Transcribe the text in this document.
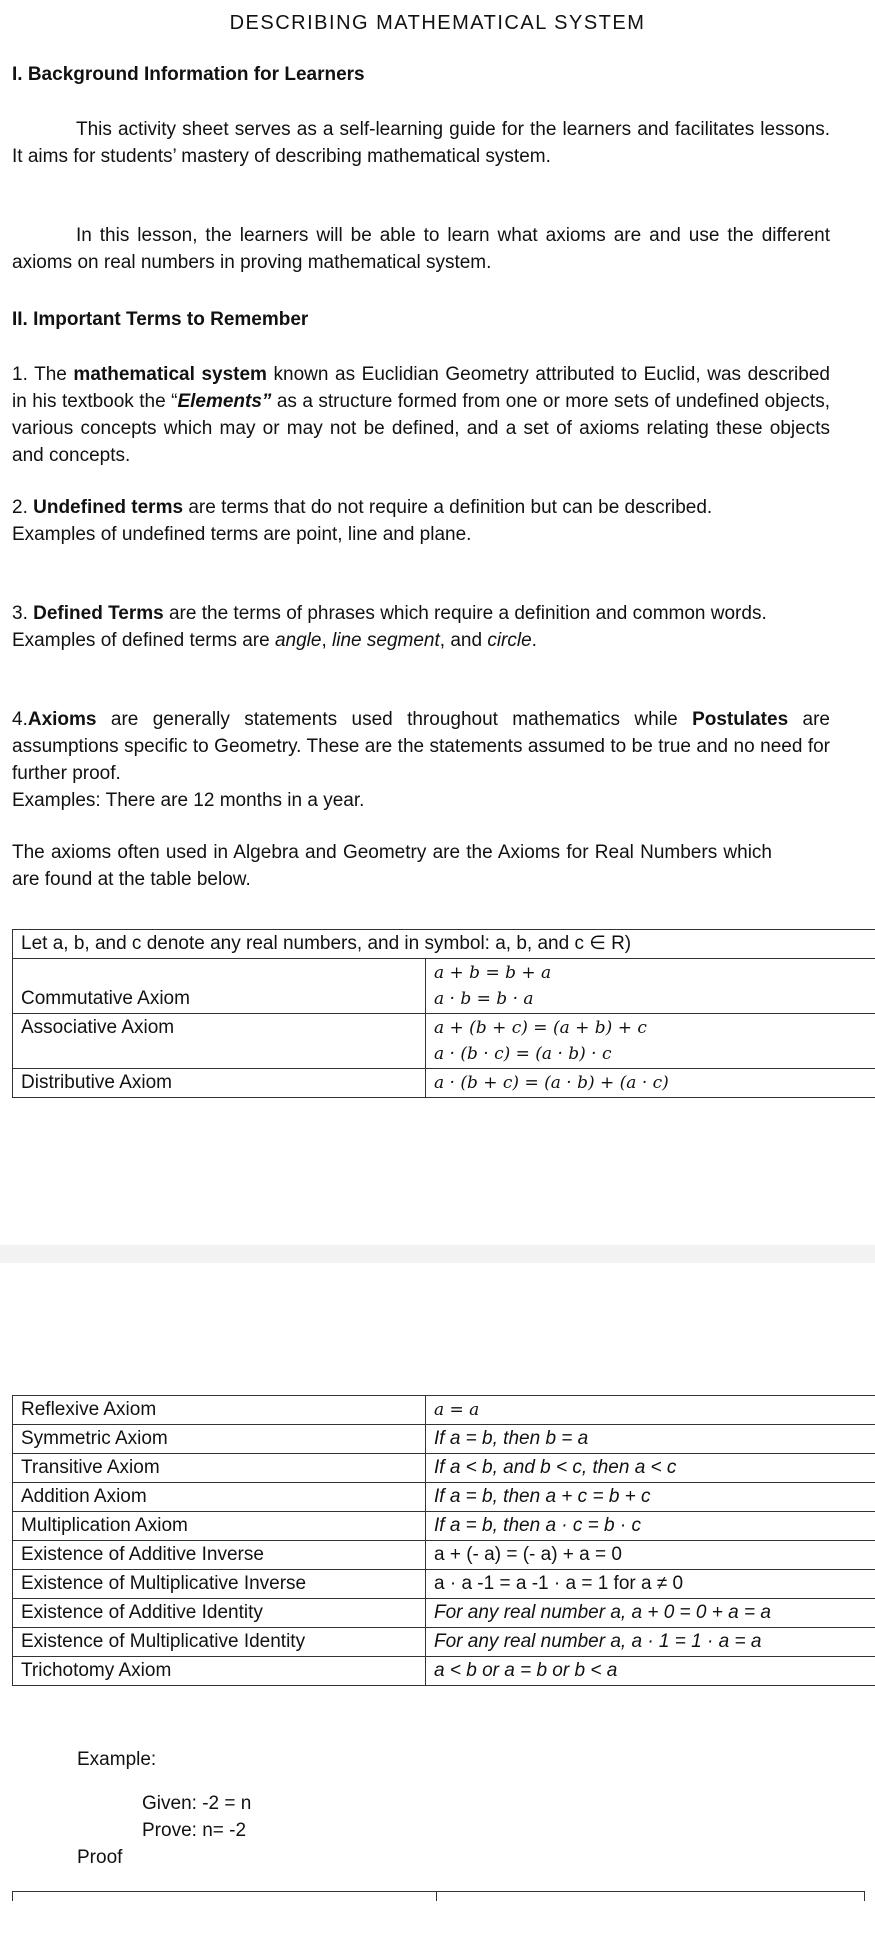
DESCRIBING MATHEMATICAL SYSTEM
I. Background Information for Learners
This activity sheet serves as a self-learning guide for the learners and facilitates lessons. It aims for students’ mastery of describing mathematical system.
In this lesson, the learners will be able to learn what axioms are and use the different axioms on real numbers in proving mathematical system.
II. Important Terms to Remember
1. The mathematical system known as Euclidian Geometry attributed to Euclid, was described in his textbook the “Elements” as a structure formed from one or more sets of undefined objects, various concepts which may or may not be defined, and a set of axioms relating these objects and concepts.
2. Undefined terms are terms that do not require a definition but can be described.
Examples of undefined terms are point, line and plane.
3. Defined Terms are the terms of phrases which require a definition and common words.
Examples of defined terms are angle, line segment, and circle.
4.Axioms are generally statements used throughout mathematics while Postulates are assumptions specific to Geometry. These are the statements assumed to be true and no need for further proof.
Examples: There are 12 months in a year.
The axioms often used in Algebra and Geometry are the Axioms for Real Numbers which are found at the table below.
Let a, b, and c denote any real numbers, and in symbol: a, b, and c ∈ R)	
Commutative Axiom	a + b = b + a
a · b = b · a

Associative Axiom	a + (b + c) = (a + b) + c
a · (b · c) = (a · b) · c

Distributive Axiom	a · (b + c) = (a · b) + (a · c)
Reflexive Axiom	a = a
Symmetric Axiom	If a = b, then b = a
Transitive Axiom	If a < b, and b < c, then a < c
Addition Axiom	If a = b, then a + c = b + c
Multiplication Axiom	If a = b, then a · c = b · c
Existence of Additive Inverse	a + (- a) = (- a) + a = 0
Existence of Multiplicative Inverse	a · a -1 = a -1 · a = 1 for a ≠ 0
Existence of Additive Identity	For any real number a, a + 0 = 0 + a = a
Existence of Multiplicative Identity	For any real number a, a · 1 = 1 · a = a
Trichotomy Axiom	a < b or a = b or b < a
Example:
Given: -2 = n
Prove: n= -2
Proof
